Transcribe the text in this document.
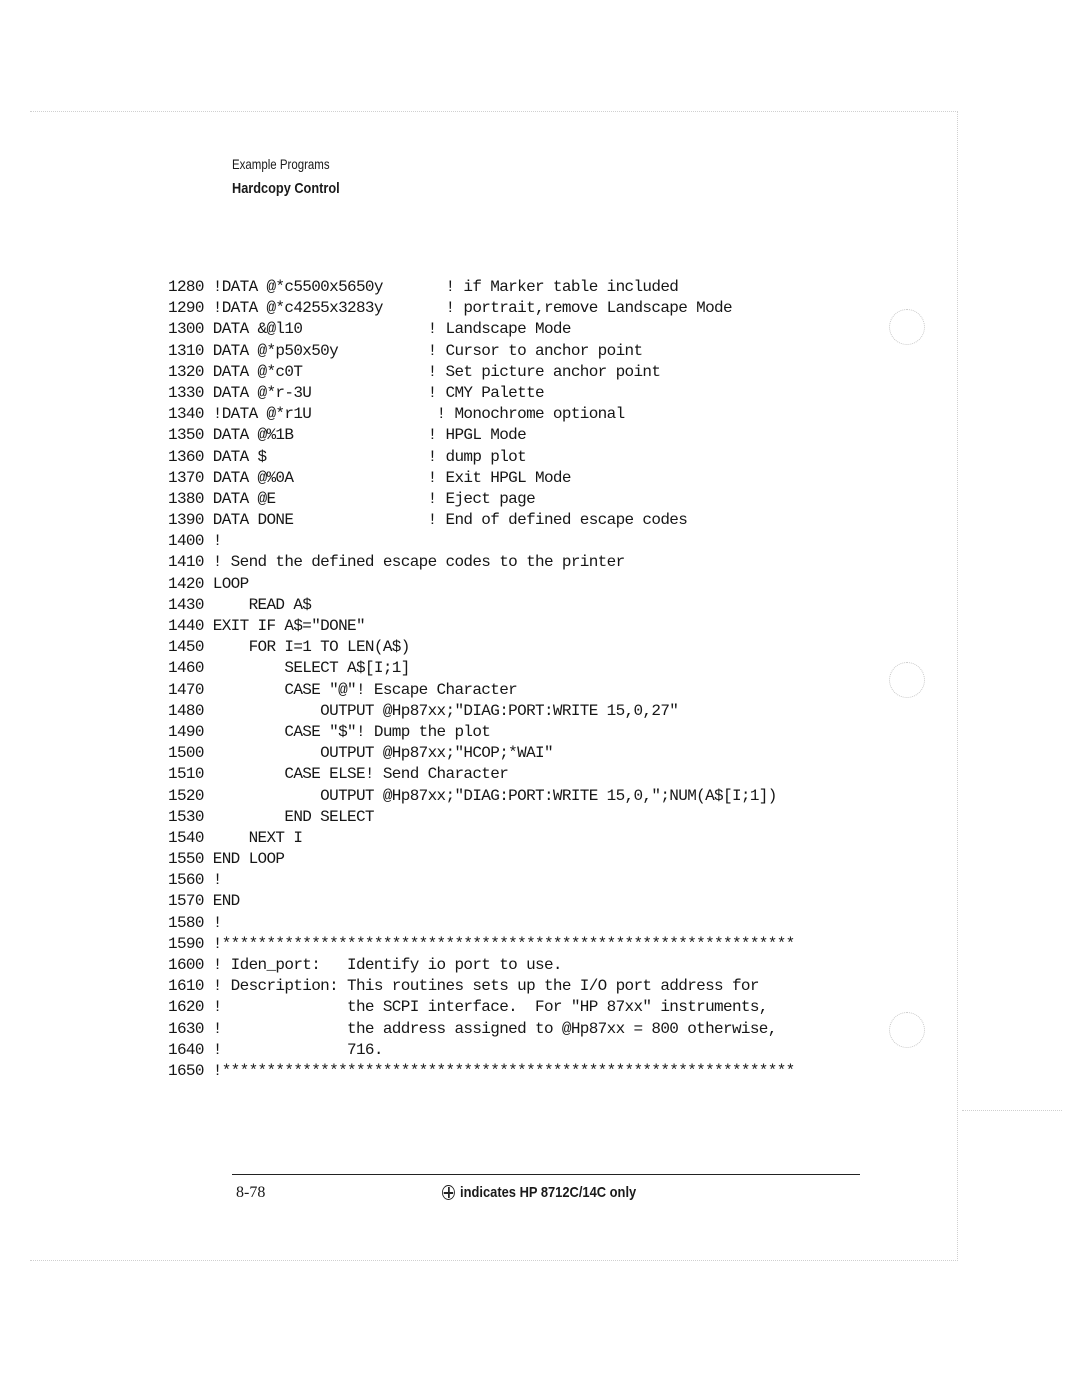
Example Programs
Hardcopy Control
1280 !DATA @*c5500x5650y       ! if Marker table included
1290 !DATA @*c4255x3283y       ! portrait,remove Landscape Mode
1300 DATA &@l10              ! Landscape Mode
1310 DATA @*p50x50y          ! Cursor to anchor point
1320 DATA @*c0T              ! Set picture anchor point
1330 DATA @*r-3U             ! CMY Palette
1340 !DATA @*r1U              ! Monochrome optional
1350 DATA @%1B               ! HPGL Mode
1360 DATA $                  ! dump plot
1370 DATA @%0A               ! Exit HPGL Mode
1380 DATA @E                 ! Eject page
1390 DATA DONE               ! End of defined escape codes
1400 !
1410 ! Send the defined escape codes to the printer
1420 LOOP
1430     READ A$
1440 EXIT IF A$="DONE"
1450     FOR I=1 TO LEN(A$)
1460         SELECT A$[I;1]
1470         CASE "@"! Escape Character
1480             OUTPUT @Hp87xx;"DIAG:PORT:WRITE 15,0,27"
1490         CASE "$"! Dump the plot
1500             OUTPUT @Hp87xx;"HCOP;*WAI"
1510         CASE ELSE! Send Character
1520             OUTPUT @Hp87xx;"DIAG:PORT:WRITE 15,0,";NUM(A$[I;1])
1530         END SELECT
1540     NEXT I
1550 END LOOP
1560 !
1570 END
1580 !
1590 !****************************************************************
1600 ! Iden_port:   Identify io port to use.
1610 ! Description: This routines sets up the I/O port address for
1620 !              the SCPI interface.  For "HP 87xx" instruments,
1630 !              the address assigned to @Hp87xx = 800 otherwise,
1640 !              716.
1650 !****************************************************************
8-78	indicates HP 8712C/14C only
